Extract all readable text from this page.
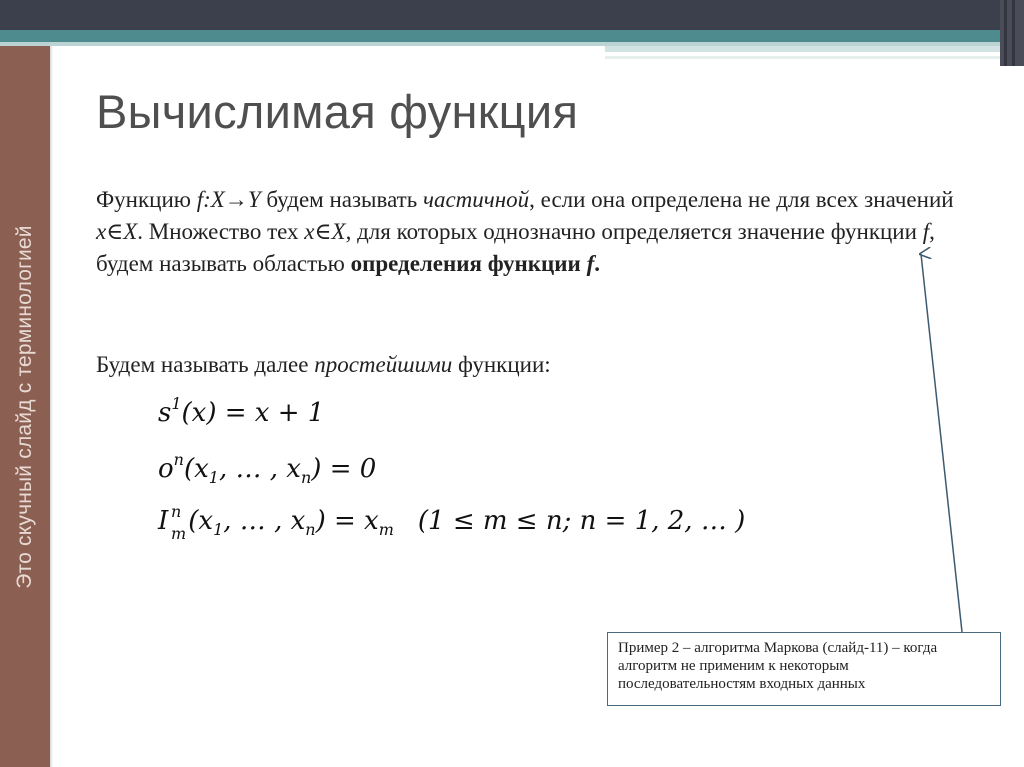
Это скучный слайд с терминологией
Вычислимая функция
Функцию f:X→Y будем называть частичной, если она определена не для всех значений x∈X. Множество тех x∈X, для которых однозначно определяется значение функции f, будем называть областью определения функции f.
Будем называть далее простейшими функции:
$s^1(x) = x + 1$
$o^n(x_1$, … , $x_n) = 0$
I n
m ($x_1$, … , $x_n) = x_m$ (1 ≤ m ≤ n; n = 1, 2, … )
Пример 2 – алгоритма Маркова (слайд-11) – когда алгоритм не применим к некоторым последовательностям входных данных
